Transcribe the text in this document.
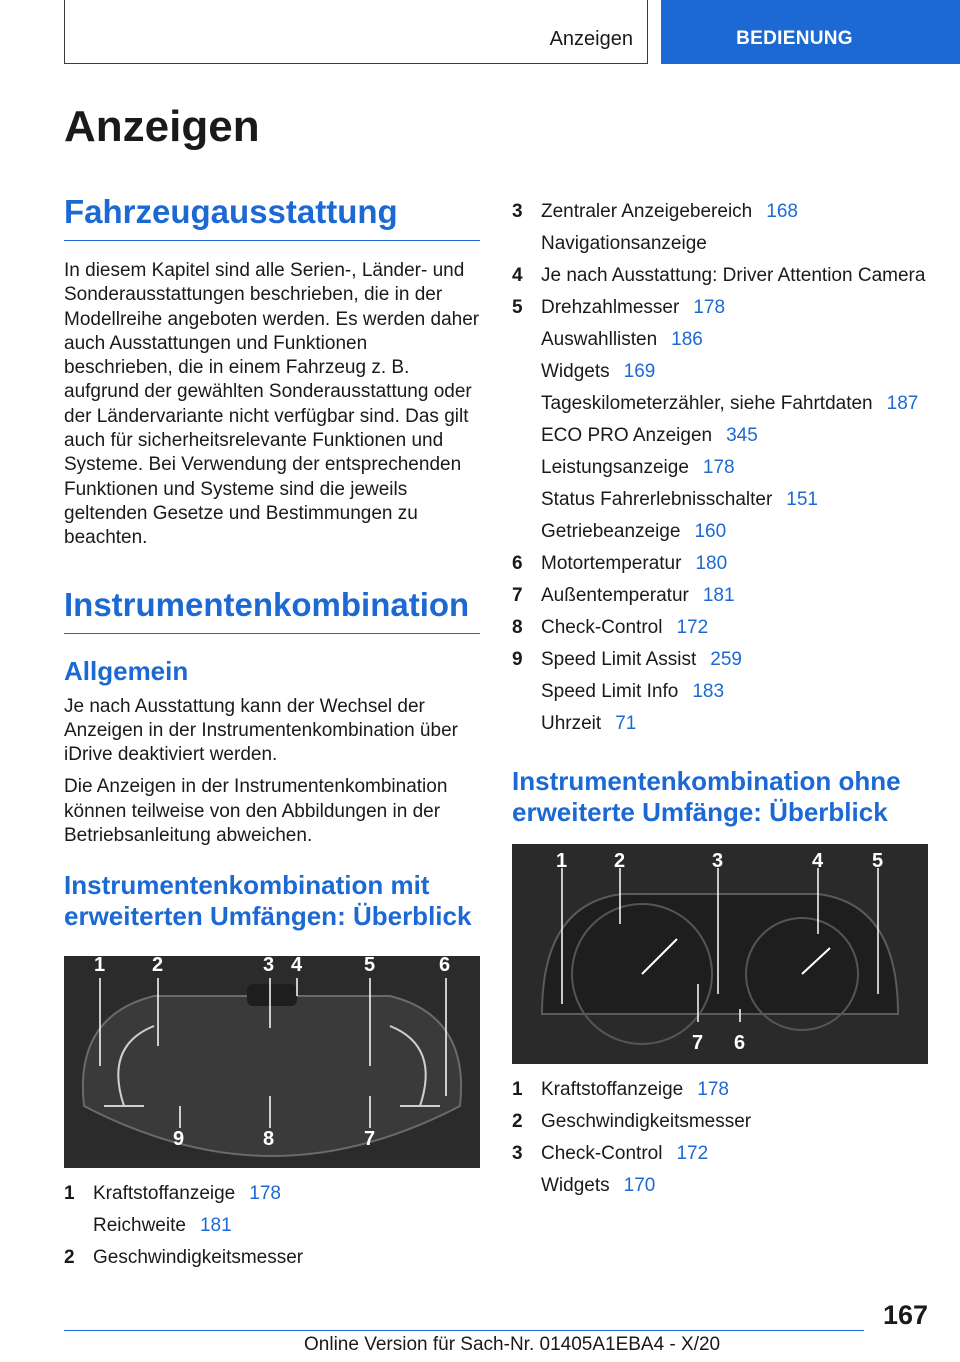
Anzeigen	BEDIENUNG
Anzeigen
Fahrzeugausstattung

In diesem Kapitel sind alle Serien-, Länder- und Sonderausstattungen beschrieben, die in der Modellreihe angeboten werden. Es werden daher auch Ausstattungen und Funktionen beschrieben, die in einem Fahrzeug z. B. aufgrund der gewählten Sonderausstattung oder der Ländervariante nicht verfügbar sind. Das gilt auch für sicherheitsrelevante Funktionen und Systeme. Bei Verwendung der entsprechenden Funktionen und Systeme sind die jeweils geltenden Gesetze und Bestimmungen zu beachten.

Instrumentenkombination
Allgemein

Je nach Ausstattung kann der Wechsel der Anzeigen in der Instrumentenkombination über iDrive deaktiviert werden.

Die Anzeigen in der Instrumentenkombination können teilweise von den Abbildungen in der Betriebsanleitung abweichen.

Instrumentenkombination mit erweiterten Umfängen: Überblick
1 2	3 4	5	6
7
8
9
1 Kraftstoffanzeige 178
Reichweite 181
2 Geschwindigkeitsmesser
3 Zentraler Anzeigebereich 168
Navigationsanzeige
4 Je nach Ausstattung: Driver Attention Camera
5 Drehzahlmesser 178
Auswahllisten 186
Widgets 169
Tageskilometerzähler, siehe Fahrtdaten 187
ECO PRO Anzeigen 345
Leistungsanzeige 178
Status Fahrerlebnisschalter 151
Getriebeanzeige 160
6 Motortemperatur 180
7 Außentemperatur 181
8 Check-Control 172
9 Speed Limit Assist 259
Speed Limit Info 183
Uhrzeit 71
Instrumentenkombination ohne erweiterte Umfänge: Überblick
1 2	3	4 5
7 6
1 Kraftstoffanzeige 178
2 Geschwindigkeitsmesser
3 Check-Control 172
Widgets 170
167
Online Version für Sach-Nr. 01405A1EBA4 - X/20
